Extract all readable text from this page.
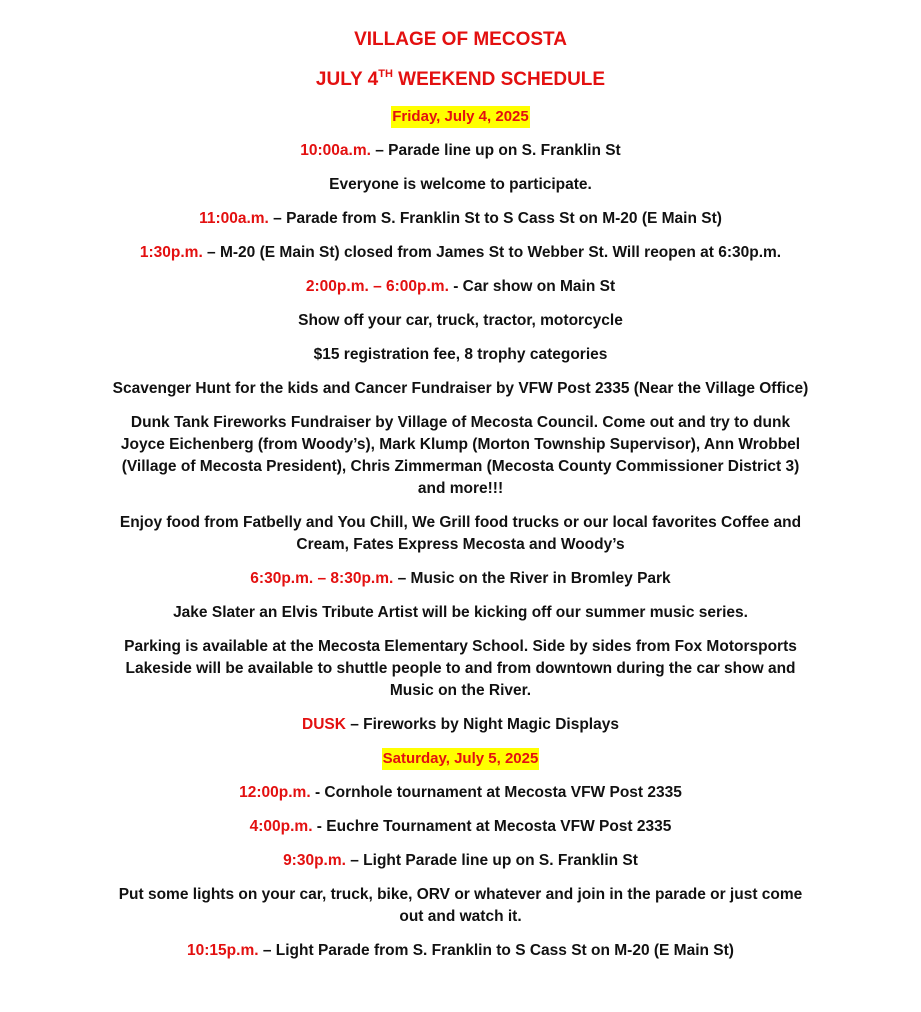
VILLAGE OF MECOSTA
JULY 4TH WEEKEND SCHEDULE
Friday, July 4, 2025
10:00a.m. – Parade line up on S. Franklin St
Everyone is welcome to participate.
11:00a.m. – Parade from S. Franklin St to S Cass St on M-20 (E Main St)
1:30p.m. – M-20 (E Main St) closed from James St to Webber St. Will reopen at 6:30p.m.
2:00p.m. – 6:00p.m. - Car show on Main St
Show off your car, truck, tractor, motorcycle
$15 registration fee, 8 trophy categories
Scavenger Hunt for the kids and Cancer Fundraiser by VFW Post 2335 (Near the Village Office)
Dunk Tank Fireworks Fundraiser by Village of Mecosta Council. Come out and try to dunk Joyce Eichenberg (from Woody’s), Mark Klump (Morton Township Supervisor), Ann Wrobbel (Village of Mecosta President), Chris Zimmerman (Mecosta County Commissioner District 3) and more!!!
Enjoy food from Fatbelly and You Chill, We Grill food trucks or our local favorites Coffee and Cream, Fates Express Mecosta and Woody’s
6:30p.m. – 8:30p.m. – Music on the River in Bromley Park
Jake Slater an Elvis Tribute Artist will be kicking off our summer music series.
Parking is available at the Mecosta Elementary School. Side by sides from Fox Motorsports Lakeside will be available to shuttle people to and from downtown during the car show and Music on the River.
DUSK – Fireworks by Night Magic Displays
Saturday, July 5, 2025
12:00p.m. - Cornhole tournament at Mecosta VFW Post 2335
4:00p.m. - Euchre Tournament at Mecosta VFW Post 2335
9:30p.m. – Light Parade line up on S. Franklin St
Put some lights on your car, truck, bike, ORV or whatever and join in the parade or just come out and watch it.
10:15p.m. – Light Parade from S. Franklin to S Cass St on M-20 (E Main St)
